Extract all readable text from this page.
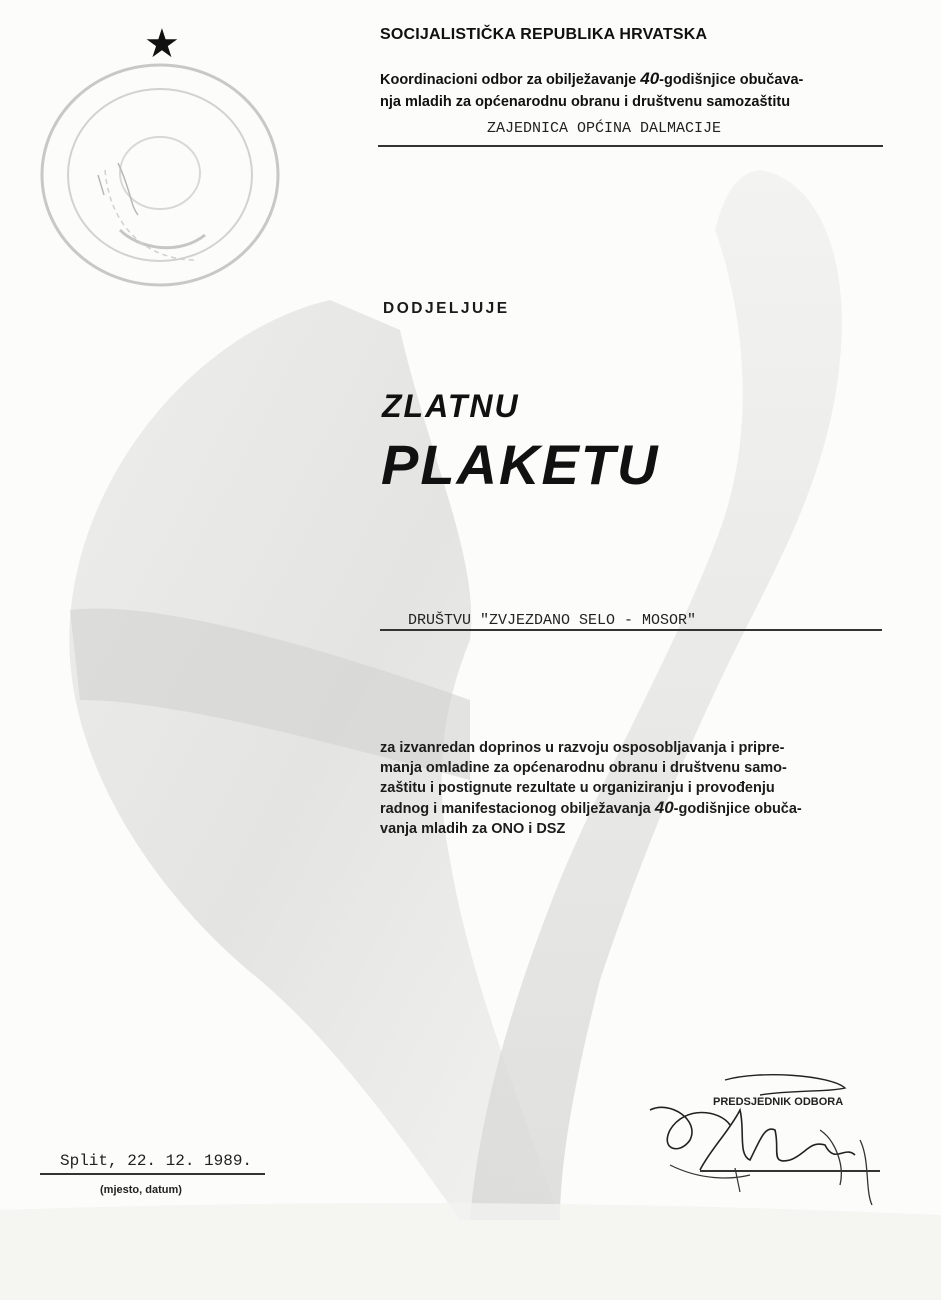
★	SOCIJALISTIČKA REPUBLIKA HRVATSKA
Koordinacioni odbor za obilježavanje 40-godišnjice obučava-
nja mladih za općenarodnu obranu i društvenu samozaštitu
ZAJEDNICA OPĆINA DALMACIJE
DODJELJUJE
ZLATNU
PLAKETU
DRUŠTVU "ZVJEZDANO SELO - MOSOR"
za izvanredan doprinos u razvoju osposobljavanja i pripre-
manja omladine za općenarodnu obranu i društvenu samo-
zaštitu i postignute rezultate u organiziranju i provođenju
radnog i manifestacionog obilježavanja 40-godišnjice obuča-
vanja mladih za ONO i DSZ
Split, 22. 12. 1989.
(mjesto, datum)
PREDSJEDNIK ODBORA
